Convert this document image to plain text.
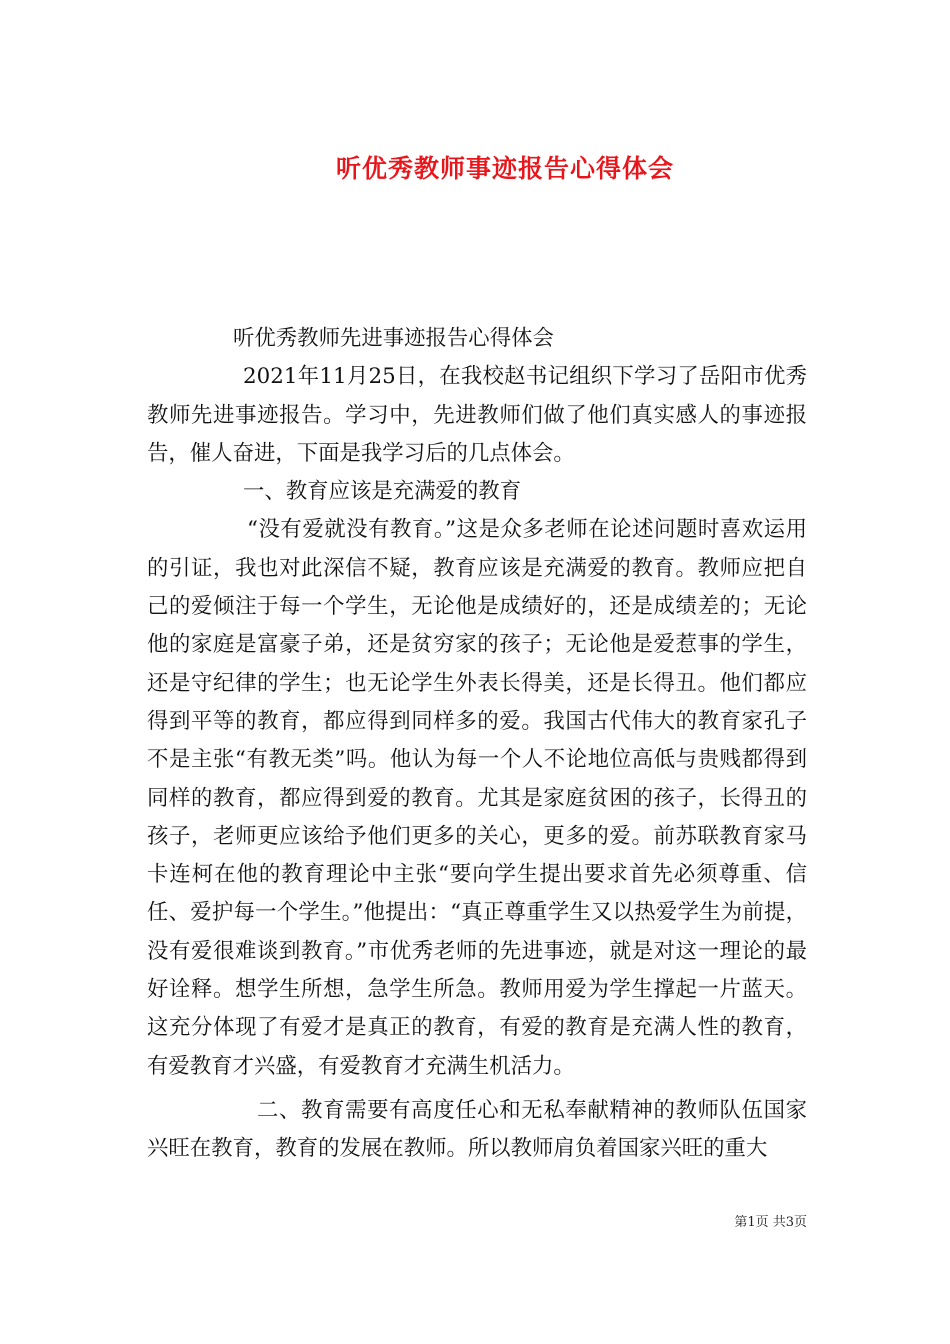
听优秀教师事迹报告心得体会

听优秀教师先进事迹报告心得体会

2021年11月25日，在我校赵书记组织下学习了岳阳市优秀教师先进事迹报告。学习中，先进教师们做了他们真实感人的事迹报告，催人奋进，下面是我学习后的几点体会。

一、教育应该是充满爱的教育

“没有爱就没有教育。”这是众多老师在论述问题时喜欢运用的引证，我也对此深信不疑，教育应该是充满爱的教育。教师应把自己的爱倾注于每一个学生，无论他是成绩好的，还是成绩差的；无论他的家庭是富豪子弟，还是贫穷家的孩子；无论他是爱惹事的学生，还是守纪律的学生；也无论学生外表长得美，还是长得丑。他们都应得到平等的教育，都应得到同样多的爱。我国古代伟大的教育家孔子不是主张“有教无类”吗。他认为每一个人不论地位高低与贵贱都得到同样的教育，都应得到爱的教育。尤其是家庭贫困的孩子，长得丑的孩子，老师更应该给予他们更多的关心，更多的爱。前苏联教育家马卡连柯在他的教育理论中主张“要向学生提出要求首先必须尊重、信任、爱护每一个学生。”他提出：“真正尊重学生又以热爱学生为前提，没有爱很难谈到教育。”市优秀老师的先进事迹，就是对这一理论的最好诠释。想学生所想，急学生所急。教师用爱为学生撑起一片蓝天。这充分体现了有爱才是真正的教育，有爱的教育是充满人性的教育，有爱教育才兴盛，有爱教育才充满生机活力。

二、教育需要有高度任心和无私奉献精神的教师队伍国家兴旺在教育，教育的发展在教师。所以教师肩负着国家兴旺的重大

第1页 共3页
